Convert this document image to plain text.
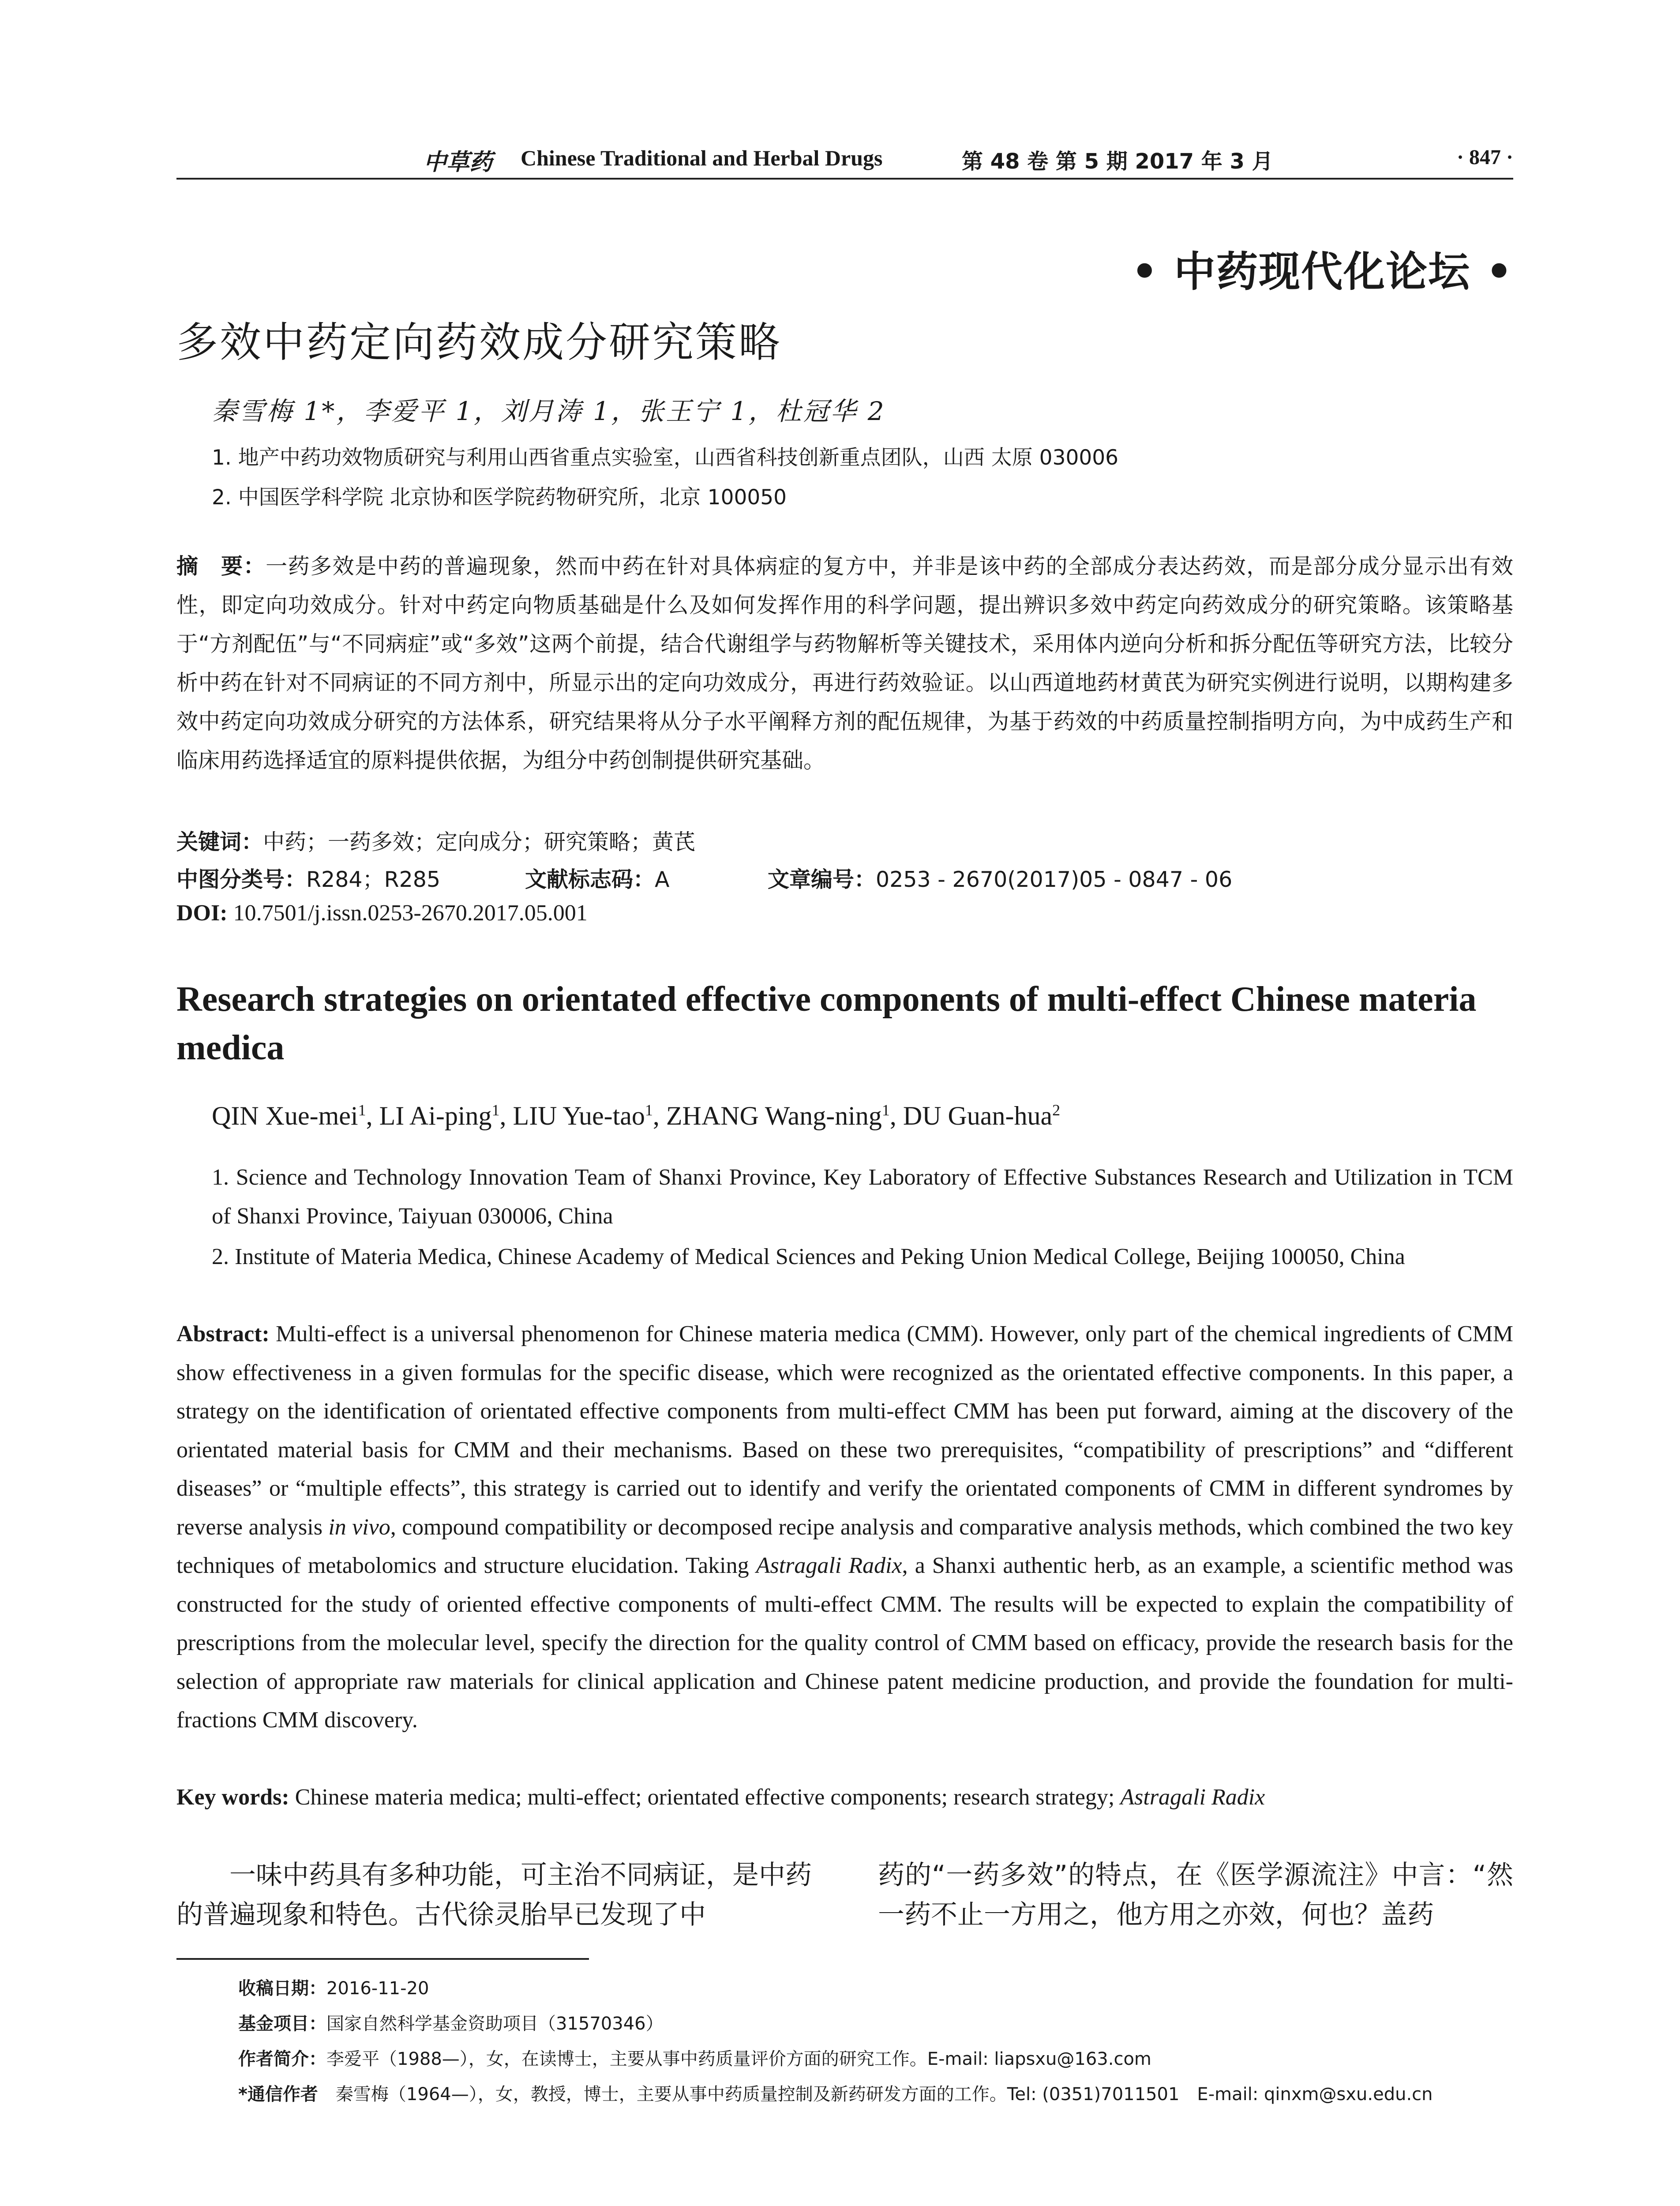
中草药 Chinese Traditional and Herbal Drugs	第 48 卷 第 5 期 2017 年 3 月	· 847 ·
• 中药现代化论坛 •
多效中药定向药效成分研究策略
秦雪梅 1*，李爱平 1，刘月涛 1，张王宁 1，杜冠华 2
1. 地产中药功效物质研究与利用山西省重点实验室，山西省科技创新重点团队，山西 太原 030006
2. 中国医学科学院 北京协和医学院药物研究所，北京 100050
摘　要：一药多效是中药的普遍现象，然而中药在针对具体病症的复方中，并非是该中药的全部成分表达药效，而是部分成分显示出有效性，即定向功效成分。针对中药定向物质基础是什么及如何发挥作用的科学问题，提出辨识多效中药定向药效成分的研究策略。该策略基于“方剂配伍”与“不同病症”或“多效”这两个前提，结合代谢组学与药物解析等关键技术，采用体内逆向分析和拆分配伍等研究方法，比较分析中药在针对不同病证的不同方剂中，所显示出的定向功效成分，再进行药效验证。以山西道地药材黄芪为研究实例进行说明，以期构建多效中药定向功效成分研究的方法体系，研究结果将从分子水平阐释方剂的配伍规律，为基于药效的中药质量控制指明方向，为中成药生产和临床用药选择适宜的原料提供依据，为组分中药创制提供研究基础。
关键词：中药；一药多效；定向成分；研究策略；黄芪
中图分类号：R284；R285	文献标志码：A	文章编号：0253 - 2670(2017)05 - 0847 - 06
DOI: 10.7501/j.issn.0253-2670.2017.05.001
Research strategies on orientated effective components of multi-effect Chinese materia medica
QIN Xue-mei$^1$, LI Ai-ping$^1$, LIU Yue-tao$^1$, ZHANG Wang-ning$^1$, DU Guan-hua$^2$
1. Science and Technology Innovation Team of Shanxi Province, Key Laboratory of Effective Substances Research and Utilization in TCM of Shanxi Province, Taiyuan 030006, China
2. Institute of Materia Medica, Chinese Academy of Medical Sciences and Peking Union Medical College, Beijing 100050, China
Abstract: Multi-effect is a universal phenomenon for Chinese materia medica (CMM). However, only part of the chemical ingredients of CMM show effectiveness in a given formulas for the specific disease, which were recognized as the orientated effective components. In this paper, a strategy on the identification of orientated effective components from multi-effect CMM has been put forward, aiming at the discovery of the orientated material basis for CMM and their mechanisms. Based on these two prerequisites, “compatibility of prescriptions” and “different diseases” or “multiple effects”, this strategy is carried out to identify and verify the orientated components of CMM in different syndromes by reverse analysis in vivo, compound compatibility or decomposed recipe analysis and comparative analysis methods, which combined the two key techniques of metabolomics and structure elucidation. Taking Astragali Radix, a Shanxi authentic herb, as an example, a scientific method was constructed for the study of oriented effective components of multi-effect CMM. The results will be expected to explain the compatibility of prescriptions from the molecular level, specify the direction for the quality control of CMM based on efficacy, provide the research basis for the selection of appropriate raw materials for clinical application and Chinese patent medicine production, and provide the foundation for multi-fractions CMM discovery.
Key words: Chinese materia medica; multi-effect; orientated effective components; research strategy; Astragali Radix
一味中药具有多种功能，可主治不同病证，是中药的普遍现象和特色。古代徐灵胎早已发现了中
药的“一药多效”的特点，在《医学源流注》中言：“然一药不止一方用之，他方用之亦效，何也？盖药
收稿日期：2016-11-20
基金项目：国家自然科学基金资助项目（31570346）
作者简介：李爱平（1988—），女，在读博士，主要从事中药质量评价方面的研究工作。E-mail: liapsxu@163.com
*通信作者　 秦雪梅（1964—），女，教授，博士，主要从事中药质量控制及新药研发方面的工作。Tel: (0351)7011501　E-mail: qinxm@sxu.edu.cn
